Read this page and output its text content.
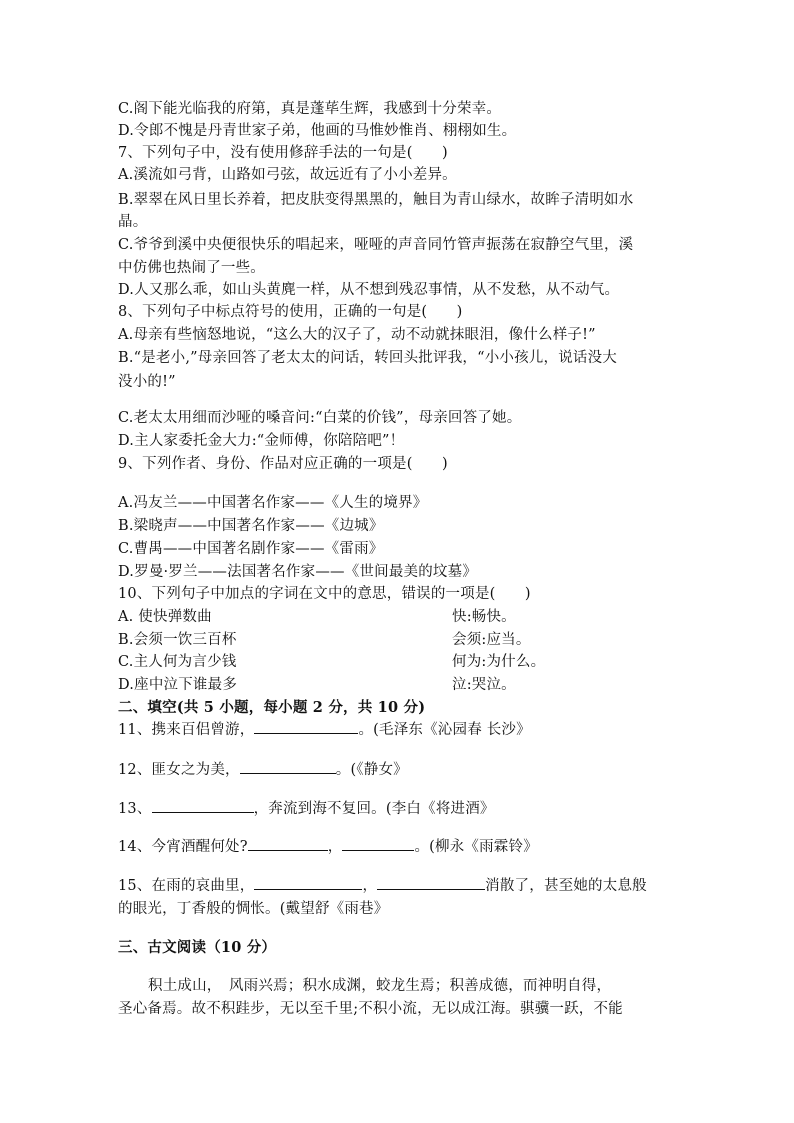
C.阁下能光临我的府第，真是蓬荜生辉，我感到十分荣幸。
D.令郎不愧是丹青世家子弟，他画的马惟妙惟肖、栩栩如生。
7、下列句子中，没有使用修辞手法的一句是(　　)
A.溪流如弓背，山路如弓弦，故远近有了小小差异。
B.翠翠在风日里长养着，把皮肤变得黑黑的，触目为青山绿水，故眸子清明如水
晶。
C.爷爷到溪中央便很快乐的唱起来，哑哑的声音同竹管声振荡在寂静空气里，溪
中仿佛也热闹了一些。
D.人又那么乖，如山头黄麂一样，从不想到残忍事情，从不发愁，从不动气。
8、下列句子中标点符号的使用，正确的一句是(　　)
A.母亲有些恼怒地说，“这么大的汉子了，动不动就抹眼泪，像什么样子!”
B.“是老小,”母亲回答了老太太的问话，转回头批评我，“小小孩儿，说话没大
没小的!”
C.老太太用细而沙哑的嗓音问:“白菜的价钱”，母亲回答了她。
D.主人家委托金大力:“金师傅，你陪陪吧”！
9、下列作者、身份、作品对应正确的一项是(　　)
A.冯友兰——中国著名作家——《人生的境界》
B.梁晓声——中国著名作家——《边城》
C.曹禺——中国著名剧作家——《雷雨》
D.罗曼·罗兰——法国著名作家——《世间最美的坟墓》
10、下列句子中加点的字词在文中的意思，错误的一项是(　　)
A. 使快弹数曲	快:畅快。
B.会须一饮三百杯	会须:应当。
C.主人何为言少钱	何为:为什么。
D.座中泣下谁最多	泣:哭泣。
二、填空(共 5 小题，每小题 2 分，共 10 分)
11、携来百侣曾游，	。(毛泽东《沁园春 长沙》
12、匪女之为美，	。(《静女》
13、	，奔流到海不复回。(李白《将进酒》
14、今宵酒醒何处?	，	。(柳永《雨霖铃》
15、在雨的哀曲里，	，	消散了，甚至她的太息般
的眼光，丁香般的惆怅。(戴望舒《雨巷》
三、古文阅读（10 分）
积土成山，　风雨兴焉；积水成渊，蛟龙生焉；积善成德，而神明自得，
圣心备焉。故不积跬步，无以至千里;不积小流，无以成江海。骐骥一跃，不能
